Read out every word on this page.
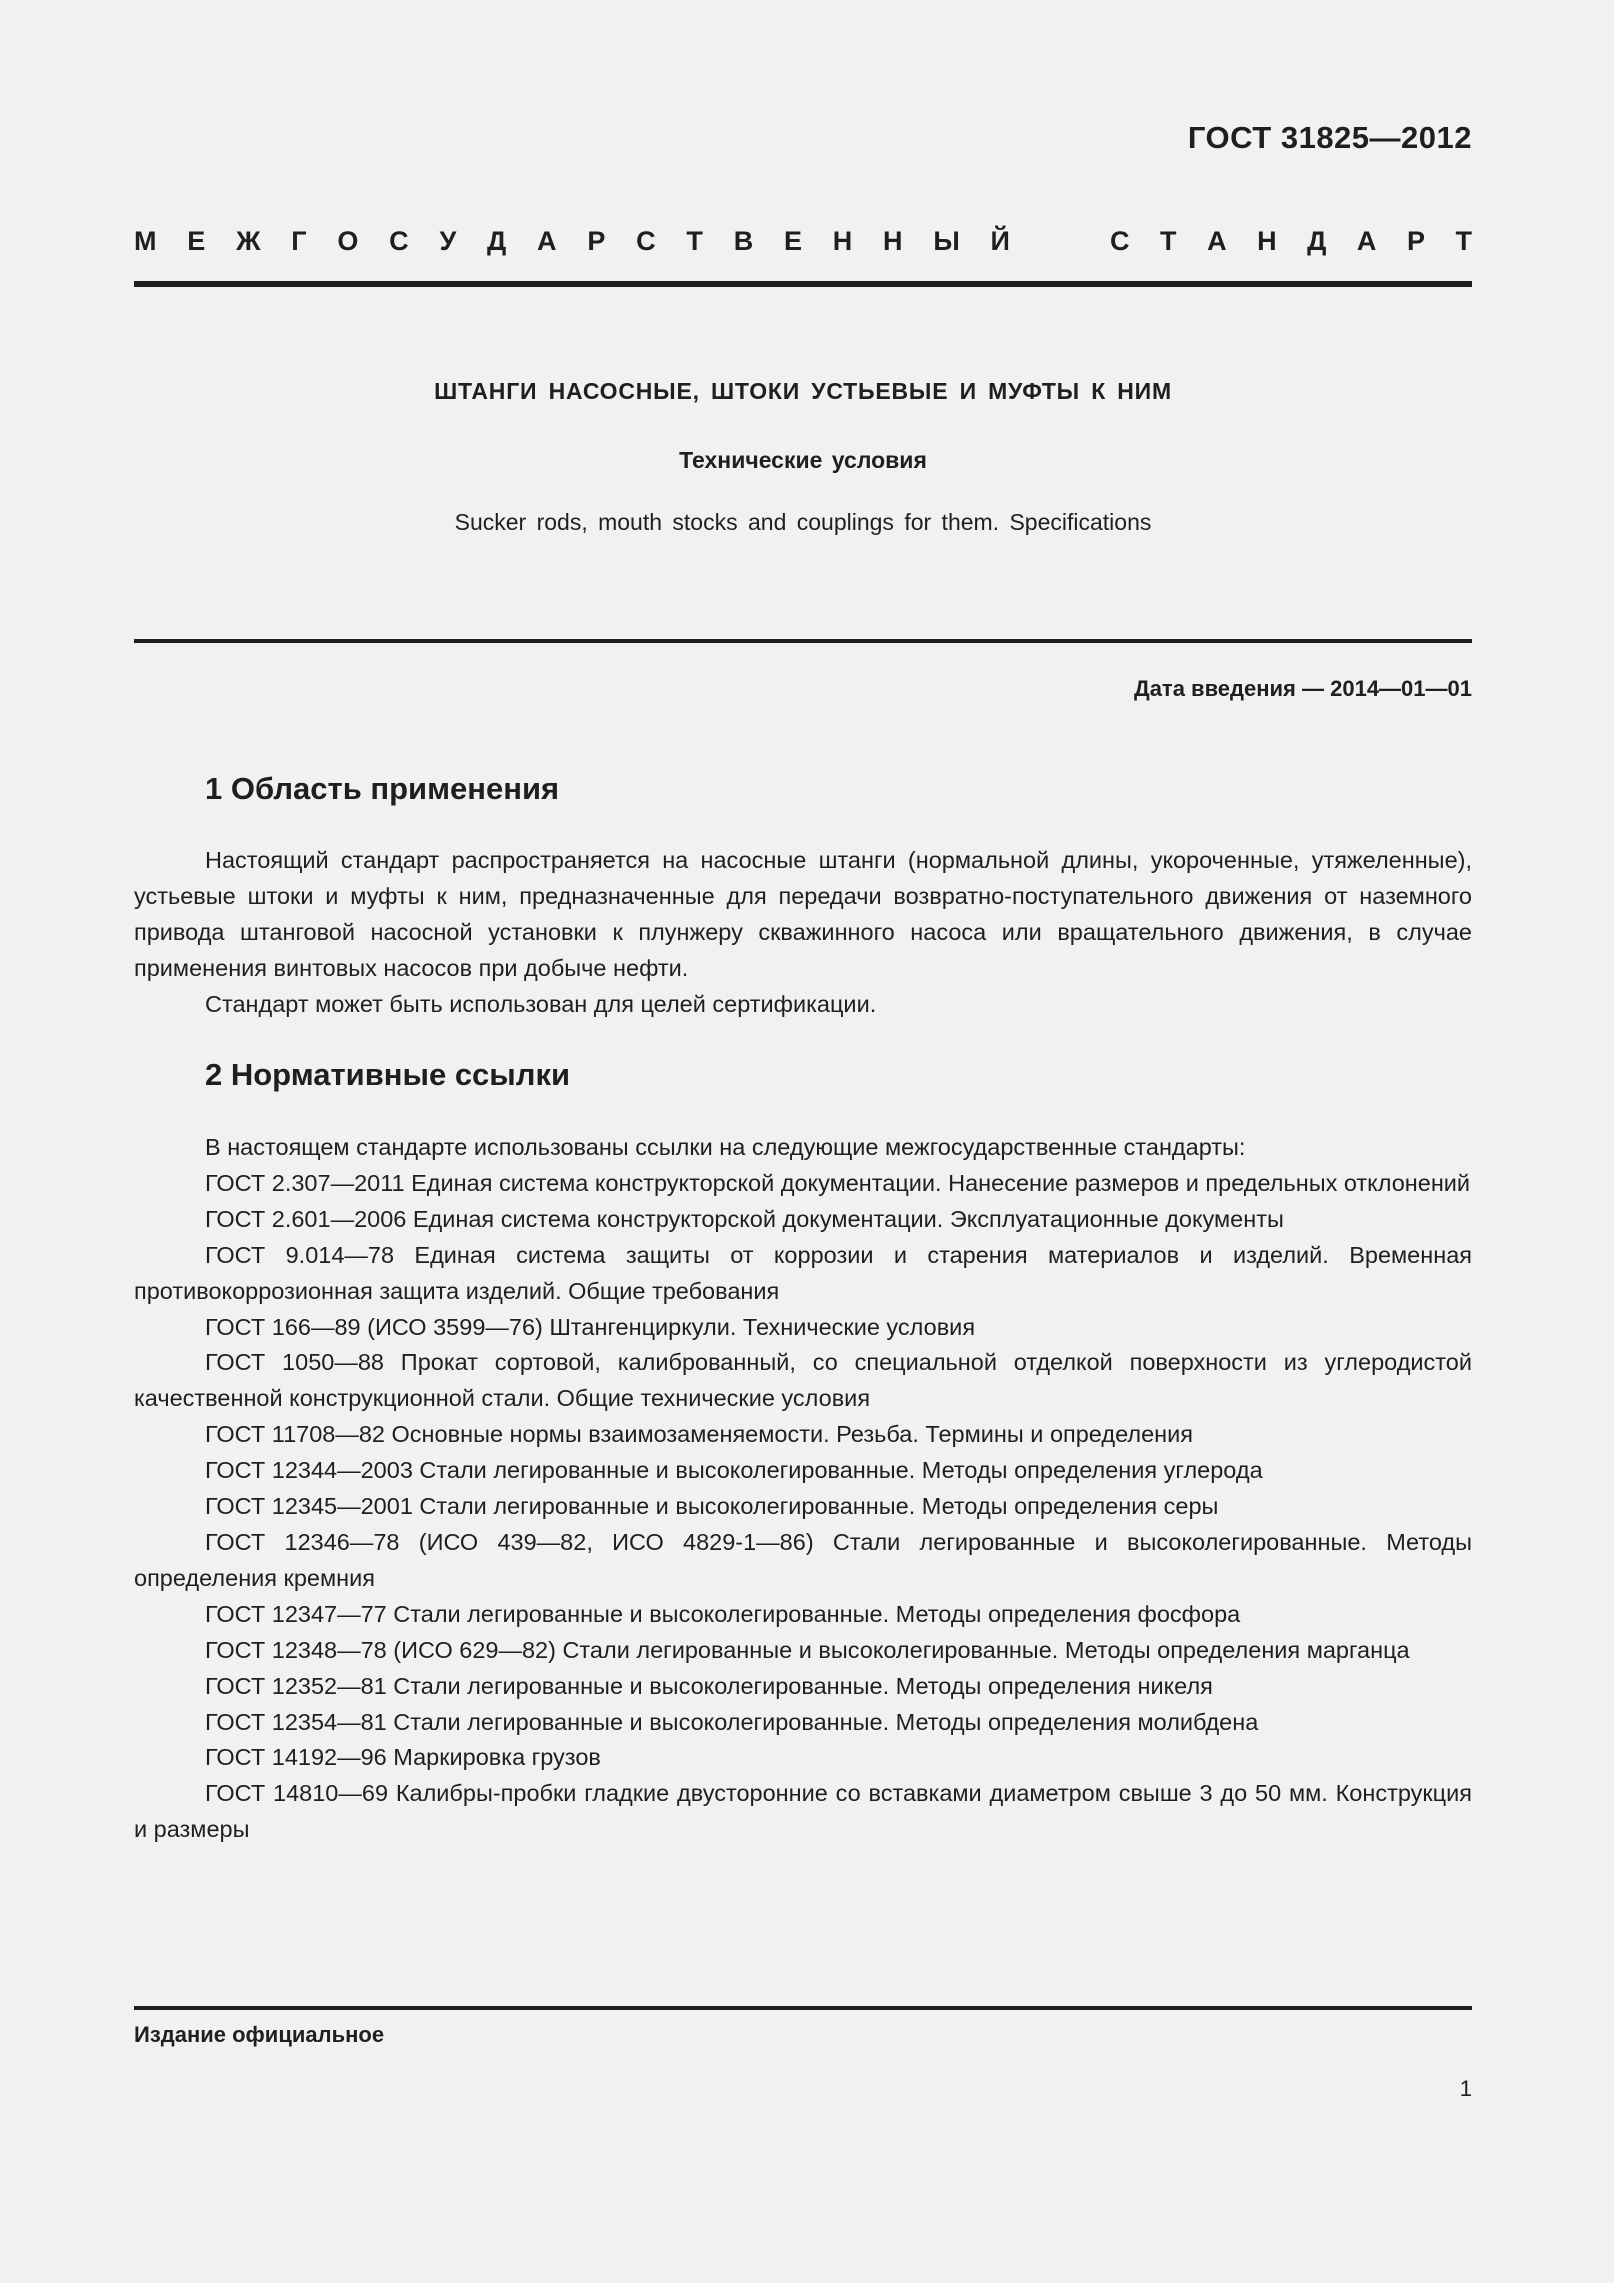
ГОСТ 31825—2012
М Е Ж Г О С У Д А Р С Т В Е Н Н Ы Й	С Т А Н Д А Р Т
ШТАНГИ НАСОСНЫЕ, ШТОКИ УСТЬЕВЫЕ И МУФТЫ К НИМ
Технические условия
Sucker rods, mouth stocks and couplings for them. Specifications
Дата введения — 2014—01—01
1 Область применения

Настоящий стандарт распространяется на насосные штанги (нормальной длины, укороченные, утяжеленные), устьевые штоки и муфты к ним, предназначенные для передачи возвратно-поступательного движения от наземного привода штанговой насосной установки к плунжеру скважинного насоса или вращательного движения, в случае применения винтовых насосов при добыче нефти.

Стандарт может быть использован для целей сертификации.

2 Нормативные ссылки

В настоящем стандарте использованы ссылки на следующие межгосударственные стандарты:

ГОСТ 2.307—2011 Единая система конструкторской документации. Нанесение размеров и предельных отклонений

ГОСТ 2.601—2006 Единая система конструкторской документации. Эксплуатационные документы

ГОСТ 9.014—78 Единая система защиты от коррозии и старения материалов и изделий. Временная противокоррозионная защита изделий. Общие требования

ГОСТ 166—89 (ИСО 3599—76) Штангенциркули. Технические условия

ГОСТ 1050—88 Прокат сортовой, калиброванный, со специальной отделкой поверхности из углеродистой качественной конструкционной стали. Общие технические условия

ГОСТ 11708—82 Основные нормы взаимозаменяемости. Резьба. Термины и определения

ГОСТ 12344—2003 Стали легированные и высоколегированные. Методы определения углерода

ГОСТ 12345—2001 Стали легированные и высоколегированные. Методы определения серы

ГОСТ 12346—78 (ИСО 439—82, ИСО 4829-1—86) Стали легированные и высоколегированные. Методы определения кремния

ГОСТ 12347—77 Стали легированные и высоколегированные. Методы определения фосфора

ГОСТ 12348—78 (ИСО 629—82) Стали легированные и высоколегированные. Методы определения марганца

ГОСТ 12352—81 Стали легированные и высоколегированные. Методы определения никеля

ГОСТ 12354—81 Стали легированные и высоколегированные. Методы определения молибдена

ГОСТ 14192—96 Маркировка грузов

ГОСТ 14810—69 Калибры-пробки гладкие двусторонние со вставками диаметром свыше 3 до 50 мм. Конструкция и размеры

Издание официальное
1
